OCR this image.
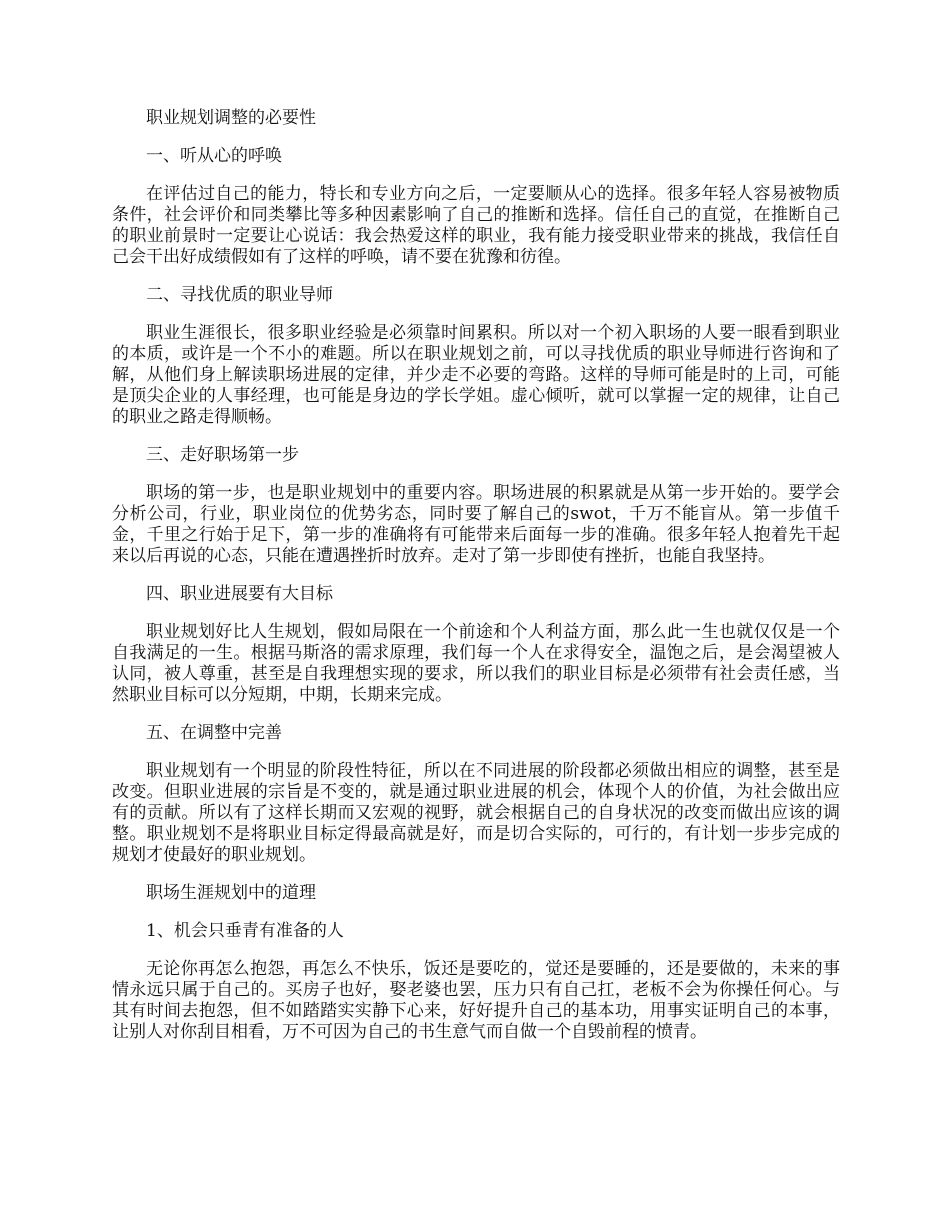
职业规划调整的必要性

一、听从心的呼唤

在评估过自己的能力，特长和专业方向之后，一定要顺从心的选择。很多年轻人容易被物质条件，社会评价和同类攀比等多种因素影响了自己的推断和选择。信任自己的直觉，在推断自己的职业前景时一定要让心说话：我会热爱这样的职业，我有能力接受职业带来的挑战，我信任自己会干出好成绩假如有了这样的呼唤，请不要在犹豫和彷徨。

二、寻找优质的职业导师

职业生涯很长，很多职业经验是必须靠时间累积。所以对一个初入职场的人要一眼看到职业的本质，或许是一个不小的难题。所以在职业规划之前，可以寻找优质的职业导师进行咨询和了解，从他们身上解读职场进展的定律，并少走不必要的弯路。这样的导师可能是时的上司，可能是顶尖企业的人事经理，也可能是身边的学长学姐。虚心倾听，就可以掌握一定的规律，让自己的职业之路走得顺畅。

三、走好职场第一步

职场的第一步，也是职业规划中的重要内容。职场进展的积累就是从第一步开始的。要学会分析公司，行业，职业岗位的优势劣态，同时要了解自己的swot，千万不能盲从。第一步值千金，千里之行始于足下，第一步的准确将有可能带来后面每一步的准确。很多年轻人抱着先干起来以后再说的心态，只能在遭遇挫折时放弃。走对了第一步即使有挫折，也能自我坚持。

四、职业进展要有大目标

职业规划好比人生规划，假如局限在一个前途和个人利益方面，那么此一生也就仅仅是一个自我满足的一生。根据马斯洛的需求原理，我们每一个人在求得安全，温饱之后，是会渴望被人认同，被人尊重，甚至是自我理想实现的要求，所以我们的职业目标是必须带有社会责任感，当然职业目标可以分短期，中期，长期来完成。

五、在调整中完善

职业规划有一个明显的阶段性特征，所以在不同进展的阶段都必须做出相应的调整，甚至是改变。但职业进展的宗旨是不变的，就是通过职业进展的机会，体现个人的价值，为社会做出应有的贡献。所以有了这样长期而又宏观的视野，就会根据自己的自身状况的改变而做出应该的调整。职业规划不是将职业目标定得最高就是好，而是切合实际的，可行的，有计划一步步完成的规划才使最好的职业规划。

职场生涯规划中的道理

1、机会只垂青有准备的人

无论你再怎么抱怨，再怎么不快乐，饭还是要吃的，觉还是要睡的，还是要做的，未来的事情永远只属于自己的。买房子也好，娶老婆也罢，压力只有自己扛，老板不会为你操任何心。与其有时间去抱怨，但不如踏踏实实静下心来，好好提升自己的基本功，用事实证明自己的本事，让别人对你刮目相看，万不可因为自己的书生意气而自做一个自毁前程的愤青。
